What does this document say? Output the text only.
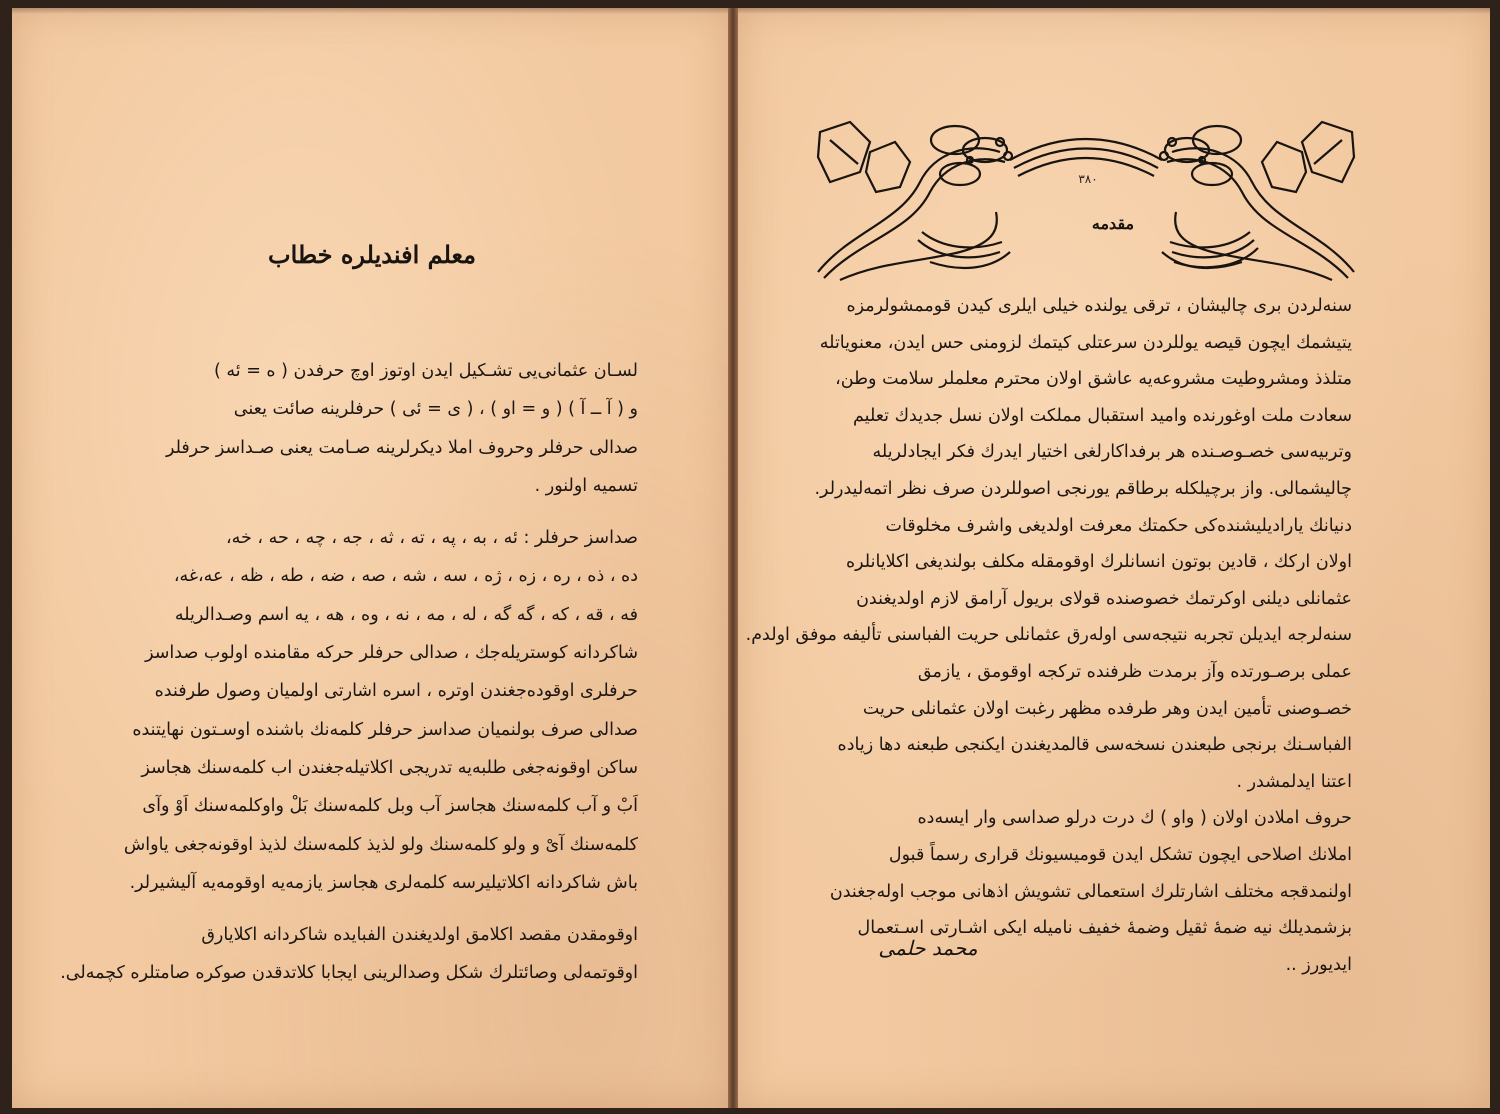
معلم افنديلره خطاب
لسـان عثمانی‌یی تشـکیل ایدن اوتوز اوچ حرفدن ( ه = ئه )
و ( آ ــ آ ) ( و = او ) ، ( ی = ئی ) حرفلرینه صائت یعنی
صدالی حرفلر وحروف املا دیکرلرینه صـامت یعنی صـداسز حرفلر
تسمیه اولنور .
صداسز حرفلر : ئه ، به ، په ، ته ، ثه ، جه ، چه ، حه ، خه،
ده ، ذه ، ره ، زه ، ژه ، سه ، شه ، صه ، ضه ، طه ، ظه ، عه،غه،
فه ، قه ، که ، گه گه ، له ، مه ، نه ، وه ، هه ، یه اسم وصـدالریله
شاكردانه كوستریله‌جك ، صدالی حرفلر حركه مقامنده اولوب صداسز
حرفلری اوقوده‌جغندن اوتره ، اسره اشارتی اولمیان وصول طرفنده
صدالی صرف بولنمیان صداسز حرفلر كلمه‌نك باشنده اوسـتون نهایتنده
ساكن اوقونه‌جغی طلبه‌یه تدریجی اكلاتیله‌جغندن اب كلمه‌سنك هجاسز
اَبْ و آب كلمه‌سنك هجاسز آب وبل كلمه‌سنك بَلْ واوكلمه‌سنك اَوْ وآی
كلمه‌سنك آیْ و ولو كلمه‌سنك ولو لذیذ كلمه‌سنك لذیذ اوقونه‌جغی یاواش
باش شاكردانه اكلاتیلیرسه كلمه‌لری هجاسز یازمه‌یه اوقومه‌یه آلیشیرلر.
اوقومقدن مقصد اكلامق اولدیغندن الفبایده شاكردانه اكلایارق
اوقوتمه‌لی وصائتلرك شكل وصدالرینی ایجابا كلاتدقدن صوكره صامتلره كچمه‌لی.
۳۸۰
مقدمه
سنه‌لردن بری چالیشان ، ترقی یولنده خیلی ایلری كیدن قوممشولرمزه
یتیشمك ایچون قیصه یوللردن سرعتلی كیتمك لزومنی حس ایدن، معنویاتله
متلذذ ومشروطیت مشروعه‌یه عاشق اولان محترم معلملر سلامت وطن،
سعادت ملت اوغورنده وامید استقبال مملكت اولان نسل جدیدك تعلیم
وتربیه‌سی خصـوصـنده هر برفداكارلغی اختیار ایدرك فكر ایجادلریله
چالیشمالی. واز برچیلكله برطاقم یورنجی اصوللردن صرف نظر اتمه‌لیدرلر.
دنیانك یارادیلیشنده‌كی حكمتك معرفت اولدیغی واشرف مخلوقات
اولان اركك ، قادین بوتون انسانلرك اوقومقله مكلف بولندیغی اكلایانلره
عثمانلی دیلنی اوكرتمك خصوصنده قولای بریول آرامق لازم اولدیغندن
سنه‌لرجه ایدیلن تجربه نتیجه‌سی اوله‌رق عثمانلی حریت الفباسنی تألیفه موفق اولدم.
عملی برصـورتده وآز برمدت ظرفنده تركجه اوقومق ، یازمق
خصـوصنی تأمین ایدن وهر طرفده مظهر رغبت اولان عثمانلی حریت
الفباسـنك برنجی طبعندن نسخه‌سی قالمدیغندن ایكنجی طبعنه دها زیاده
اعتنا ایدلمشدر .
حروف املادن اولان ( واو ) ك درت درلو صداسی وار ایسه‌ده
املانك اصلاحی ایچون تشكل ایدن قومیسیونك قراری رسماً قبول
اولنمدقجه مختلف اشارتلرك استعمالی تشویش اذهانی موجب اوله‌جغندن
بزشمدیلك نیه ضمهٔ ثقیل وضمهٔ خفیف نامیله ایكی اشـارتی اسـتعمال
ایدیورز ..
محمد حلمی
